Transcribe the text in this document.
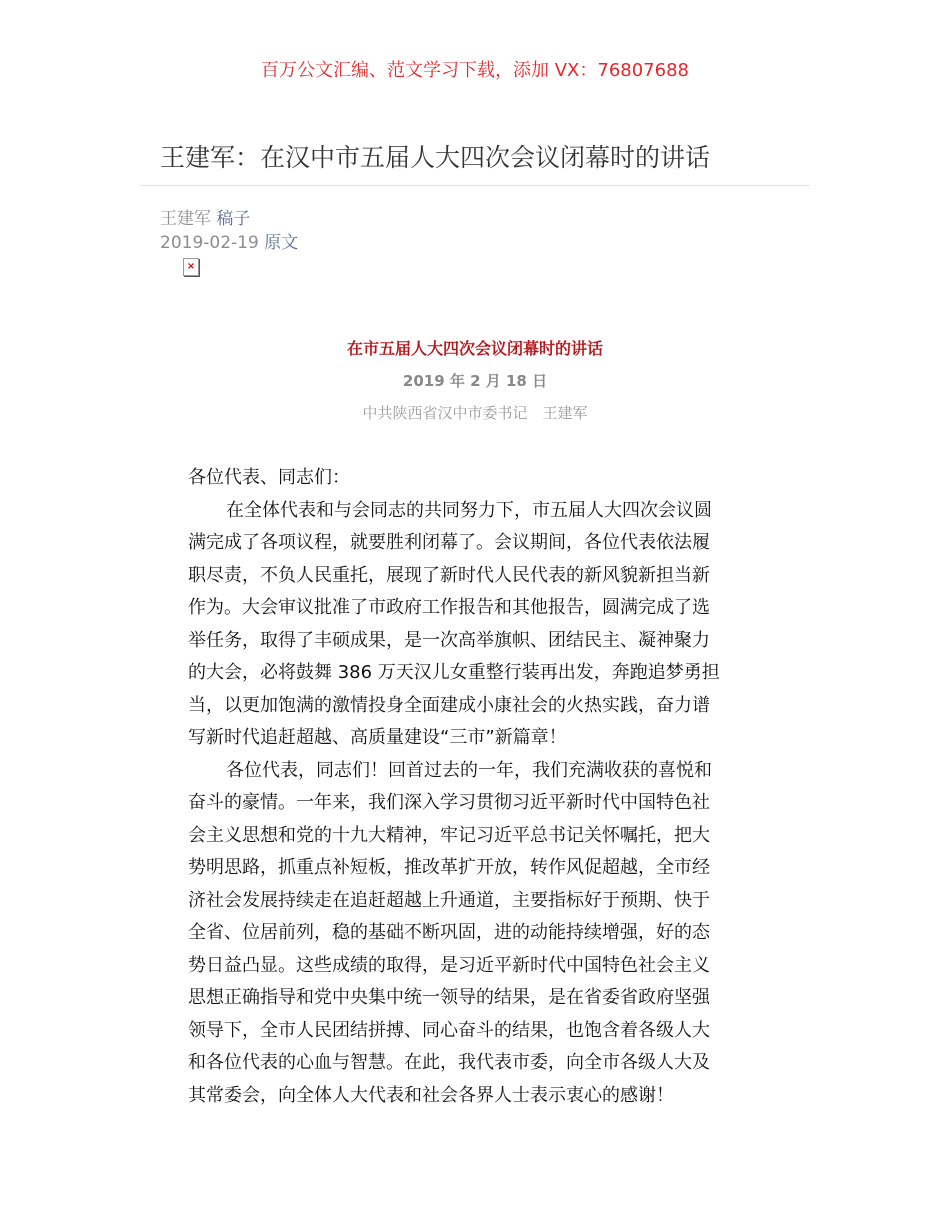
百万公文汇编、范文学习下载，添加 VX：76807688
王建军：在汉中市五届人大四次会议闭幕时的讲话
王建军 稿子
2019-02-19 原文
×
在市五届人大四次会议闭幕时的讲话
2019 年 2 月 18 日
中共陕西省汉中市委书记　王建军
各位代表、同志们：
在全体代表和与会同志的共同努力下，市五届人大四次会议圆
满完成了各项议程，就要胜利闭幕了。会议期间，各位代表依法履
职尽责，不负人民重托，展现了新时代人民代表的新风貌新担当新
作为。大会审议批准了市政府工作报告和其他报告，圆满完成了选
举任务，取得了丰硕成果，是一次高举旗帜、团结民主、凝神聚力
的大会，必将鼓舞 386 万天汉儿女重整行装再出发，奔跑追梦勇担
当，以更加饱满的激情投身全面建成小康社会的火热实践，奋力谱
写新时代追赶超越、高质量建设“三市”新篇章！
各位代表，同志们！回首过去的一年，我们充满收获的喜悦和
奋斗的豪情。一年来，我们深入学习贯彻习近平新时代中国特色社
会主义思想和党的十九大精神，牢记习近平总书记关怀嘱托，把大
势明思路，抓重点补短板，推改革扩开放，转作风促超越，全市经
济社会发展持续走在追赶超越上升通道，主要指标好于预期、快于
全省、位居前列，稳的基础不断巩固，进的动能持续增强，好的态
势日益凸显。这些成绩的取得，是习近平新时代中国特色社会主义
思想正确指导和党中央集中统一领导的结果，是在省委省政府坚强
领导下，全市人民团结拼搏、同心奋斗的结果，也饱含着各级人大
和各位代表的心血与智慧。在此，我代表市委，向全市各级人大及
其常委会，向全体人大代表和社会各界人士表示衷心的感谢！
